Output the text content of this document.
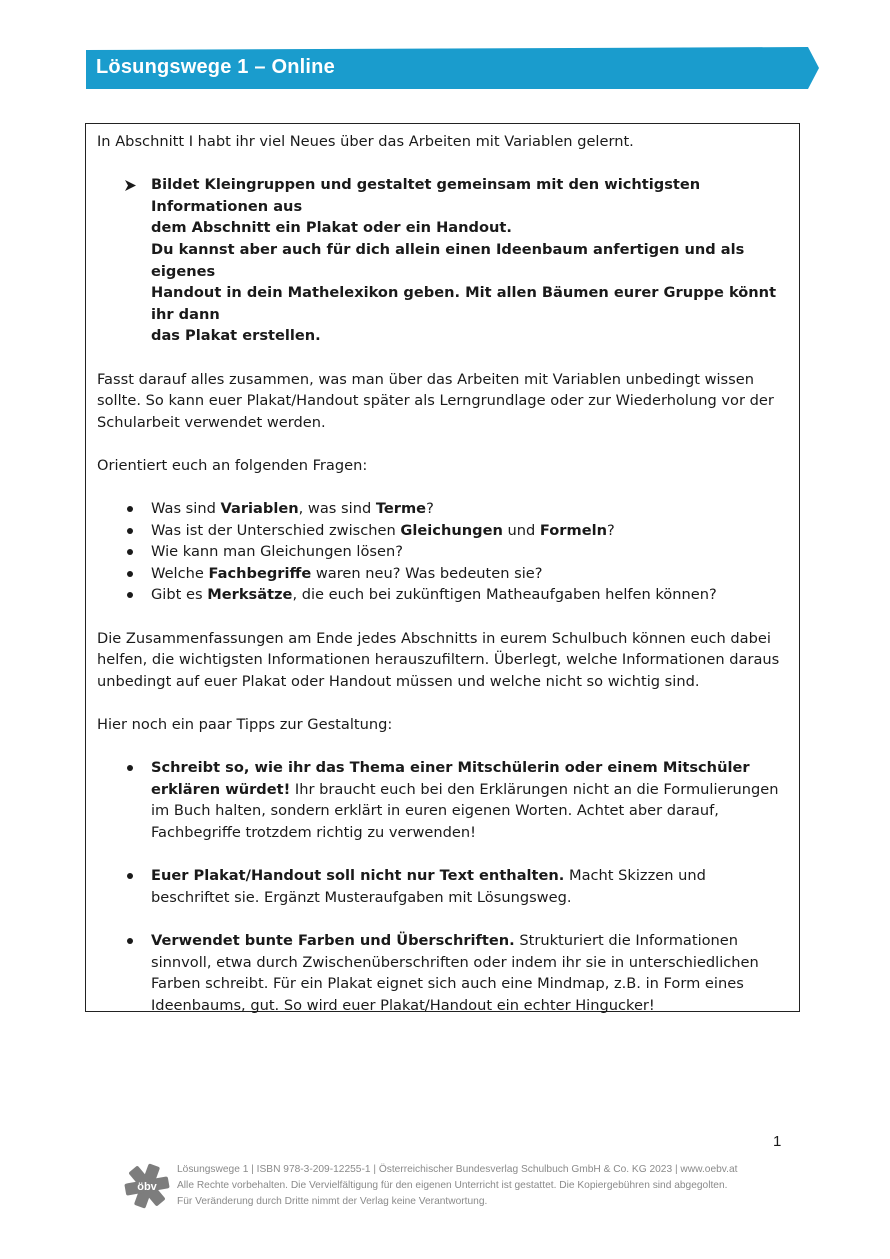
Lösungswege 1 – Online

In Abschnitt I habt ihr viel Neues über das Arbeiten mit Variablen gelernt.

Bildet Kleingruppen und gestaltet gemeinsam mit den wichtigsten Informationen aus
dem Abschnitt ein Plakat oder ein Handout.
Du kannst aber auch für dich allein einen Ideenbaum anfertigen und als eigenes
Handout in dein Mathelexikon geben. Mit allen Bäumen eurer Gruppe könnt ihr dann
das Plakat erstellen.

Fasst darauf alles zusammen, was man über das Arbeiten mit Variablen unbedingt wissen sollte. So kann euer Plakat/Handout später als Lerngrundlage oder zur Wiederholung vor der Schularbeit verwendet werden.

Orientiert euch an folgenden Fragen:

Was sind Variablen, was sind Terme?
Was ist der Unterschied zwischen Gleichungen und Formeln?
Wie kann man Gleichungen lösen?
Welche Fachbegriffe waren neu? Was bedeuten sie?
Gibt es Merksätze, die euch bei zukünftigen Matheaufgaben helfen können?

Die Zusammenfassungen am Ende jedes Abschnitts in eurem Schulbuch können euch dabei helfen, die wichtigsten Informationen herauszufiltern. Überlegt, welche Informationen daraus unbedingt auf euer Plakat oder Handout müssen und welche nicht so wichtig sind.

Hier noch ein paar Tipps zur Gestaltung:

Schreibt so, wie ihr das Thema einer Mitschülerin oder einem Mitschüler erklären würdet! Ihr braucht euch bei den Erklärungen nicht an die Formulierungen im Buch halten, sondern erklärt in euren eigenen Worten. Achtet aber darauf, Fachbegriffe trotzdem richtig zu verwenden!
Euer Plakat/Handout soll nicht nur Text enthalten. Macht Skizzen und beschriftet sie. Ergänzt Musteraufgaben mit Lösungsweg.
Verwendet bunte Farben und Überschriften. Strukturiert die Informationen sinnvoll, etwa durch Zwischenüberschriften oder indem ihr sie in unterschiedlichen Farben schreibt. Für ein Plakat eignet sich auch eine Mindmap, z.B. in Form eines Ideenbaums, gut. So wird euer Plakat/Handout ein echter Hingucker!
1
öbv
Lösungswege 1 | ISBN 978-3-209-12255-1 | Österreichischer Bundesverlag Schulbuch GmbH & Co. KG 2023 | www.oebv.at
Alle Rechte vorbehalten. Die Vervielfältigung für den eigenen Unterricht ist gestattet. Die Kopiergebühren sind abgegolten.
Für Veränderung durch Dritte nimmt der Verlag keine Verantwortung.
